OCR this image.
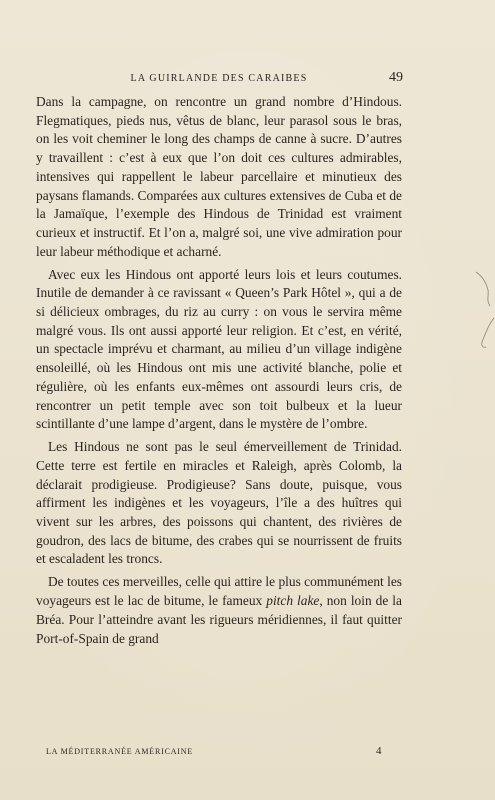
LA GUIRLANDE DES CARAIBES	49

Dans la campagne, on rencontre un grand nombre d’Hindous. Flegmatiques, pieds nus, vêtus de blanc, leur parasol sous le bras, on les voit cheminer le long des champs de canne à sucre. D’autres y travaillent : c’est à eux que l’on doit ces cultures admirables, intensives qui rappellent le labeur parcellaire et minutieux des paysans flamands. Comparées aux cultures extensives de Cuba et de la Jamaïque, l’exemple des Hindous de Trinidad est vraiment curieux et instructif. Et l’on a, malgré soi, une vive admiration pour leur labeur méthodique et acharné.

Avec eux les Hindous ont apporté leurs lois et leurs coutumes. Inutile de demander à ce ravissant « Queen’s Park Hôtel », qui a de si délicieux ombrages, du riz au curry : on vous le servira même malgré vous. Ils ont aussi apporté leur religion. Et c’est, en vérité, un spectacle imprévu et charmant, au milieu d’un village indigène ensoleillé, où les Hindous ont mis une activité blanche, polie et régulière, où les enfants eux-mêmes ont assourdi leurs cris, de rencontrer un petit temple avec son toit bulbeux et la lueur scintillante d’une lampe d’argent, dans le mystère de l’ombre.

Les Hindous ne sont pas le seul émerveillement de Trinidad. Cette terre est fertile en miracles et Raleigh, après Colomb, la déclarait prodigieuse. Prodigieuse? Sans doute, puisque, vous affirment les indigènes et les voyageurs, l’île a des huîtres qui vivent sur les arbres, des poissons qui chantent, des rivières de goudron, des lacs de bitume, des crabes qui se nourrissent de fruits et escaladent les troncs.

De toutes ces merveilles, celle qui attire le plus communément les voyageurs est le lac de bitume, le fameux pitch lake, non loin de la Bréa. Pour l’atteindre avant les rigueurs méridiennes, il faut quitter Port-of-Spain de grand

LA MÉDITERRANÉE AMÉRICAINE	4
